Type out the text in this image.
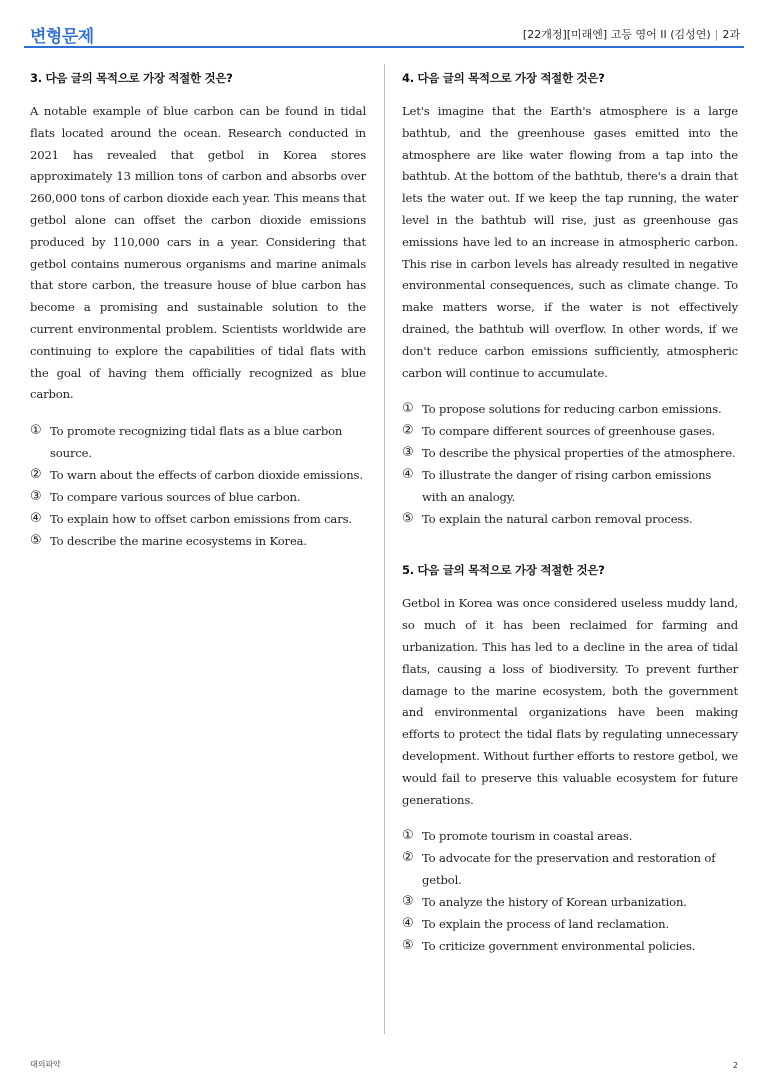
변형문제	[22개정][미래엔] 고등 영어 II (김성연) | 2과
3. 다음 글의 목적으로 가장 적절한 것은?
A notable example of blue carbon can be found in tidal flats located around the ocean. Research conducted in 2021 has revealed that getbol in Korea stores approximately 13 million tons of carbon and absorbs over 260,000 tons of carbon dioxide each year. This means that getbol alone can offset the carbon dioxide emissions produced by 110,000 cars in a year. Considering that getbol contains numerous organisms and marine animals that store carbon, the treasure house of blue carbon has become a promising and sustainable solution to the current environmental problem. Scientists worldwide are continuing to explore the capabilities of tidal flats with the goal of having them officially recognized as blue carbon.
① To promote recognizing tidal flats as a blue carbon source.
② To warn about the effects of carbon dioxide emissions.
③ To compare various sources of blue carbon.
④ To explain how to offset carbon emissions from cars.
⑤ To describe the marine ecosystems in Korea.
4. 다음 글의 목적으로 가장 적절한 것은?
Let's imagine that the Earth's atmosphere is a large bathtub, and the greenhouse gases emitted into the atmosphere are like water flowing from a tap into the bathtub. At the bottom of the bathtub, there's a drain that lets the water out. If we keep the tap running, the water level in the bathtub will rise, just as greenhouse gas emissions have led to an increase in atmospheric carbon. This rise in carbon levels has already resulted in negative environmental consequences, such as climate change. To make matters worse, if the water is not effectively drained, the bathtub will overflow. In other words, if we don't reduce carbon emissions sufficiently, atmospheric carbon will continue to accumulate.
① To propose solutions for reducing carbon emissions.
② To compare different sources of greenhouse gases.
③ To describe the physical properties of the atmosphere.
④ To illustrate the danger of rising carbon emissions with an analogy.
⑤ To explain the natural carbon removal process.
5. 다음 글의 목적으로 가장 적절한 것은?
Getbol in Korea was once considered useless muddy land, so much of it has been reclaimed for farming and urbanization. This has led to a decline in the area of tidal flats, causing a loss of biodiversity. To prevent further damage to the marine ecosystem, both the government and environmental organizations have been making efforts to protect the tidal flats by regulating unnecessary development. Without further efforts to restore getbol, we would fail to preserve this valuable ecosystem for future generations.
① To promote tourism in coastal areas.
② To advocate for the preservation and restoration of getbol.
③ To analyze the history of Korean urbanization.
④ To explain the process of land reclamation.
⑤ To criticize government environmental policies.
대의파악	2
